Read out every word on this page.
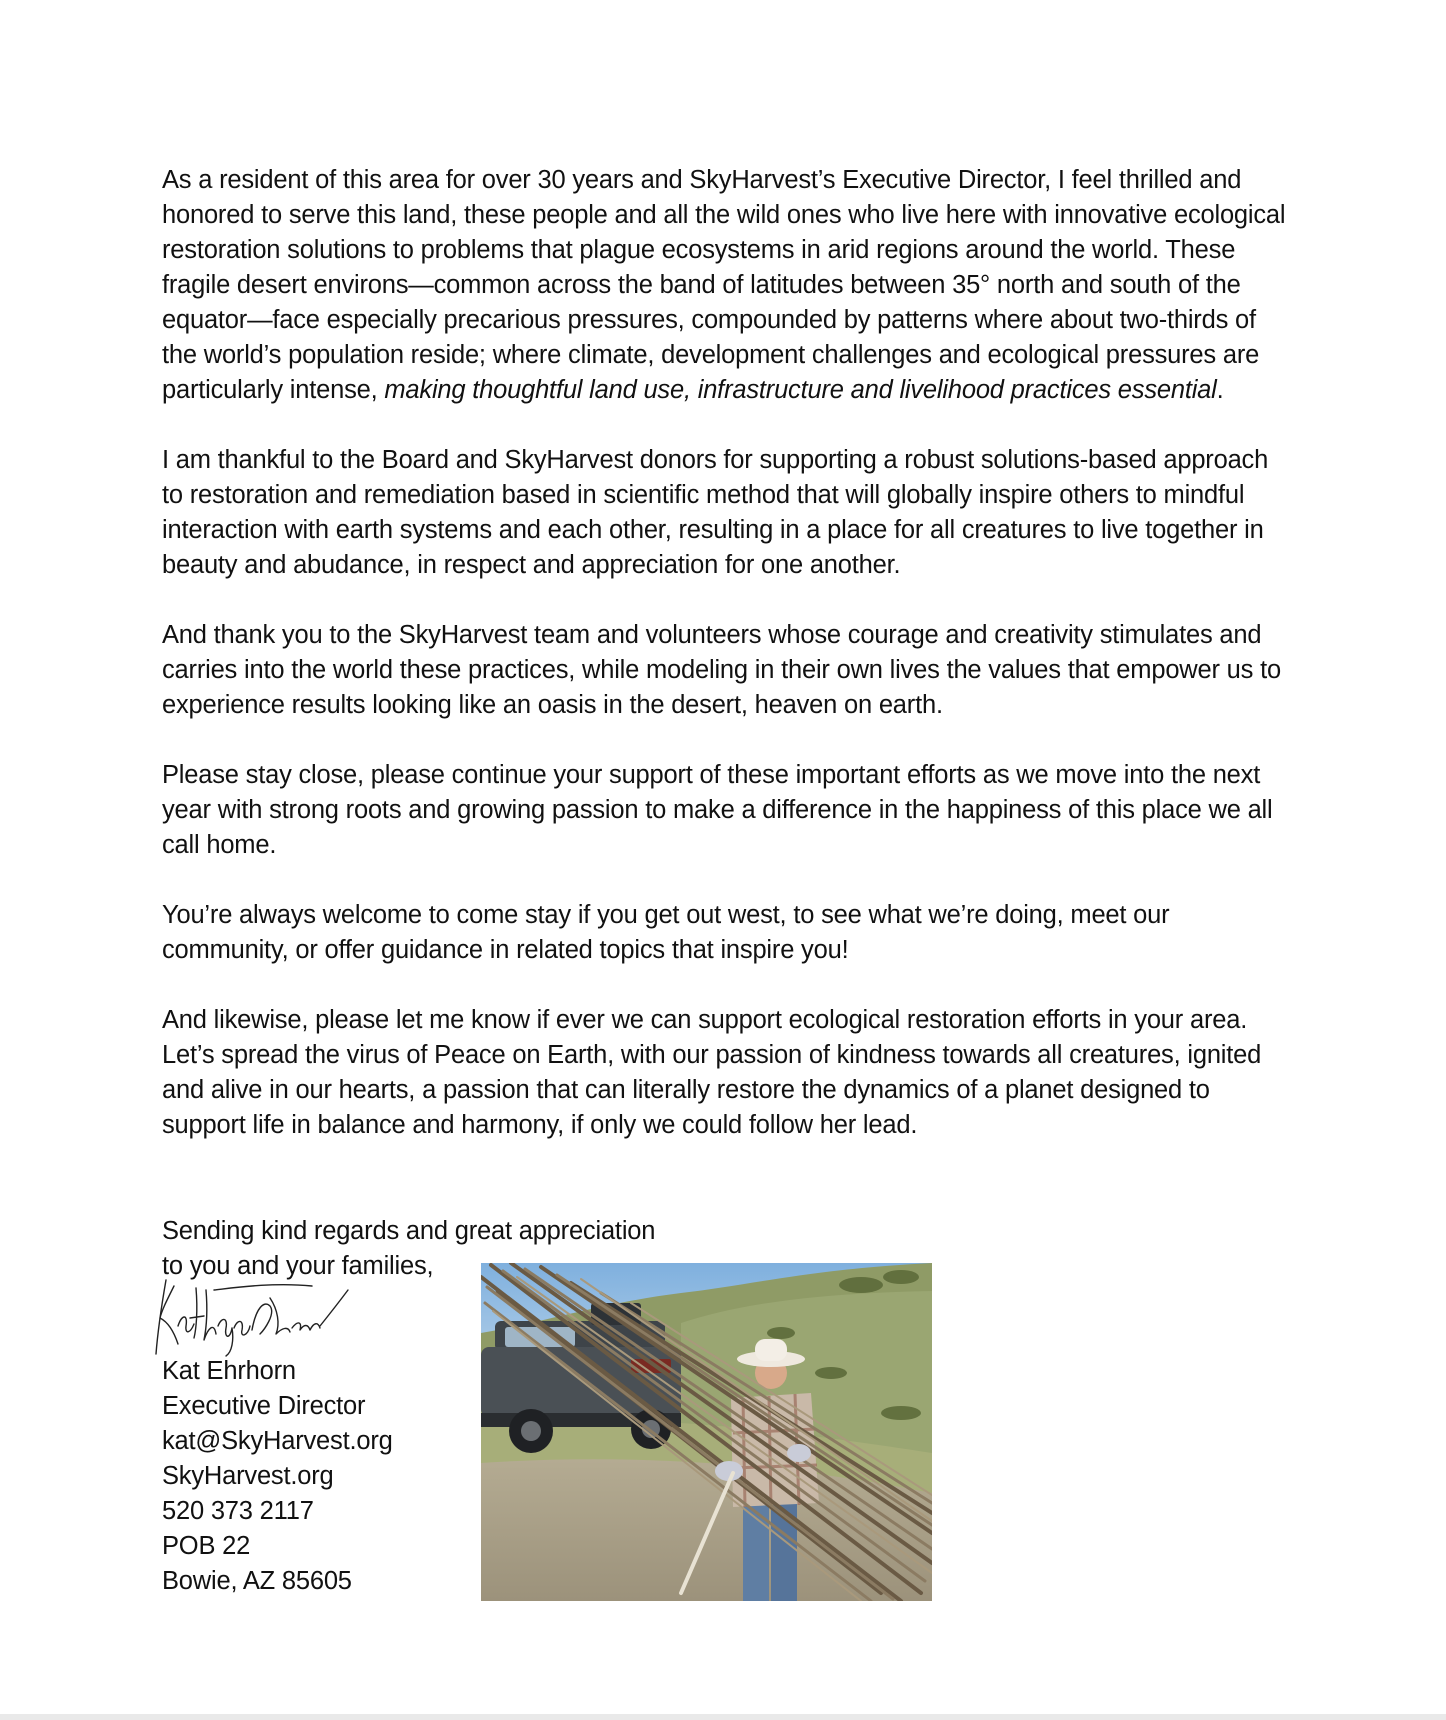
As a resident of this area for over 30 years and SkyHarvest’s Executive Director, I feel thrilled and honored to serve this land, these people and all the wild ones who live here with innovative ecological restoration solutions to problems that plague ecosystems in arid regions around the world. These fragile desert environs—common across the band of latitudes between 35° north and south of the equator—face especially precarious pressures, compounded by patterns where about two-thirds of the world’s population reside; where climate, development challenges and ecological pressures are particularly intense, making thoughtful land use, infrastructure and livelihood practices essential.

I am thankful to the Board and SkyHarvest donors for supporting a robust solutions-based approach to restoration and remediation based in scientific method that will globally inspire others to mindful interaction with earth systems and each other, resulting in a place for all creatures to live together in beauty and abudance, in respect and appreciation for one another.

And thank you to the SkyHarvest team and volunteers whose courage and creativity stimulates and carries into the world these practices, while modeling in their own lives the values that empower us to experience results looking like an oasis in the desert, heaven on earth.

Please stay close, please continue your support of these important efforts as we move into the next year with strong roots and growing passion to make a difference in the happiness of this place we all call home.

You’re always welcome to come stay if you get out west, to see what we’re doing, meet our community, or offer guidance in related topics that inspire you!

And likewise, please let me know if ever we can support ecological restoration efforts in your area. Let’s spread the virus of Peace on Earth, with our passion of kindness towards all creatures, ignited and alive in our hearts, a passion that can literally restore the dynamics of a planet designed to support life in balance and harmony, if only we could follow her lead.

Sending kind regards and great appreciation
to you and your families,
Kat Ehrhorn
Executive Director
kat@SkyHarvest.org
SkyHarvest.org
520 373 2117
POB 22
Bowie, AZ 85605
